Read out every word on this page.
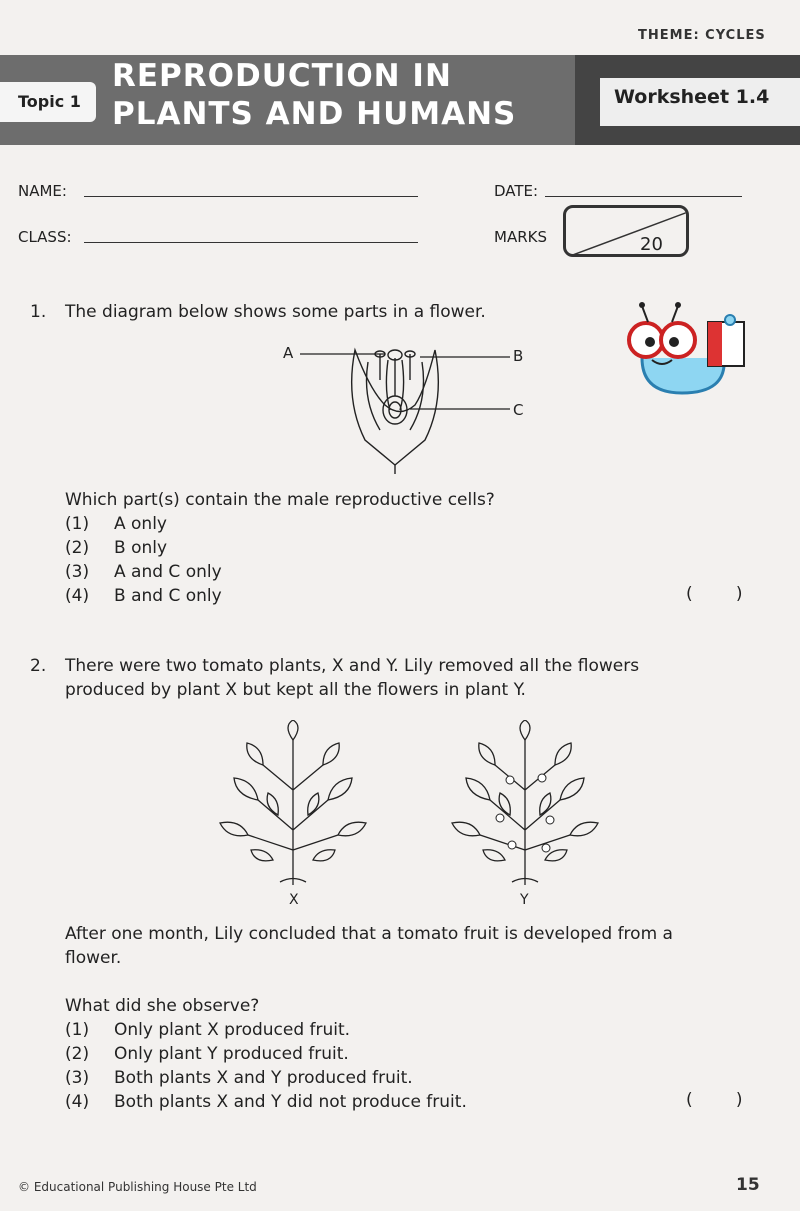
THEME: CYCLES
Topic 1
REPRODUCTION IN
PLANTS AND HUMANS	Worksheet 1.4
NAME:	DATE:
CLASS:	MARKS	20
1. The diagram below shows some parts in a flower.
A	B
C
Which part(s) contain the male reproductive cells?
(1) A only
(2) B only
(3) A and C only
(4) B and C only	(        )
2. There were two tomato plants, X and Y. Lily removed all the flowers
produced by plant X but kept all the flowers in plant Y.
X	Y
After one month, Lily concluded that a tomato fruit is developed from a
flower.
What did she observe?
(1) Only plant X produced fruit.
(2) Only plant Y produced fruit.
(3) Both plants X and Y produced fruit.
(4) Both plants X and Y did not produce fruit.	(        )
© Educational Publishing House Pte Ltd	15
